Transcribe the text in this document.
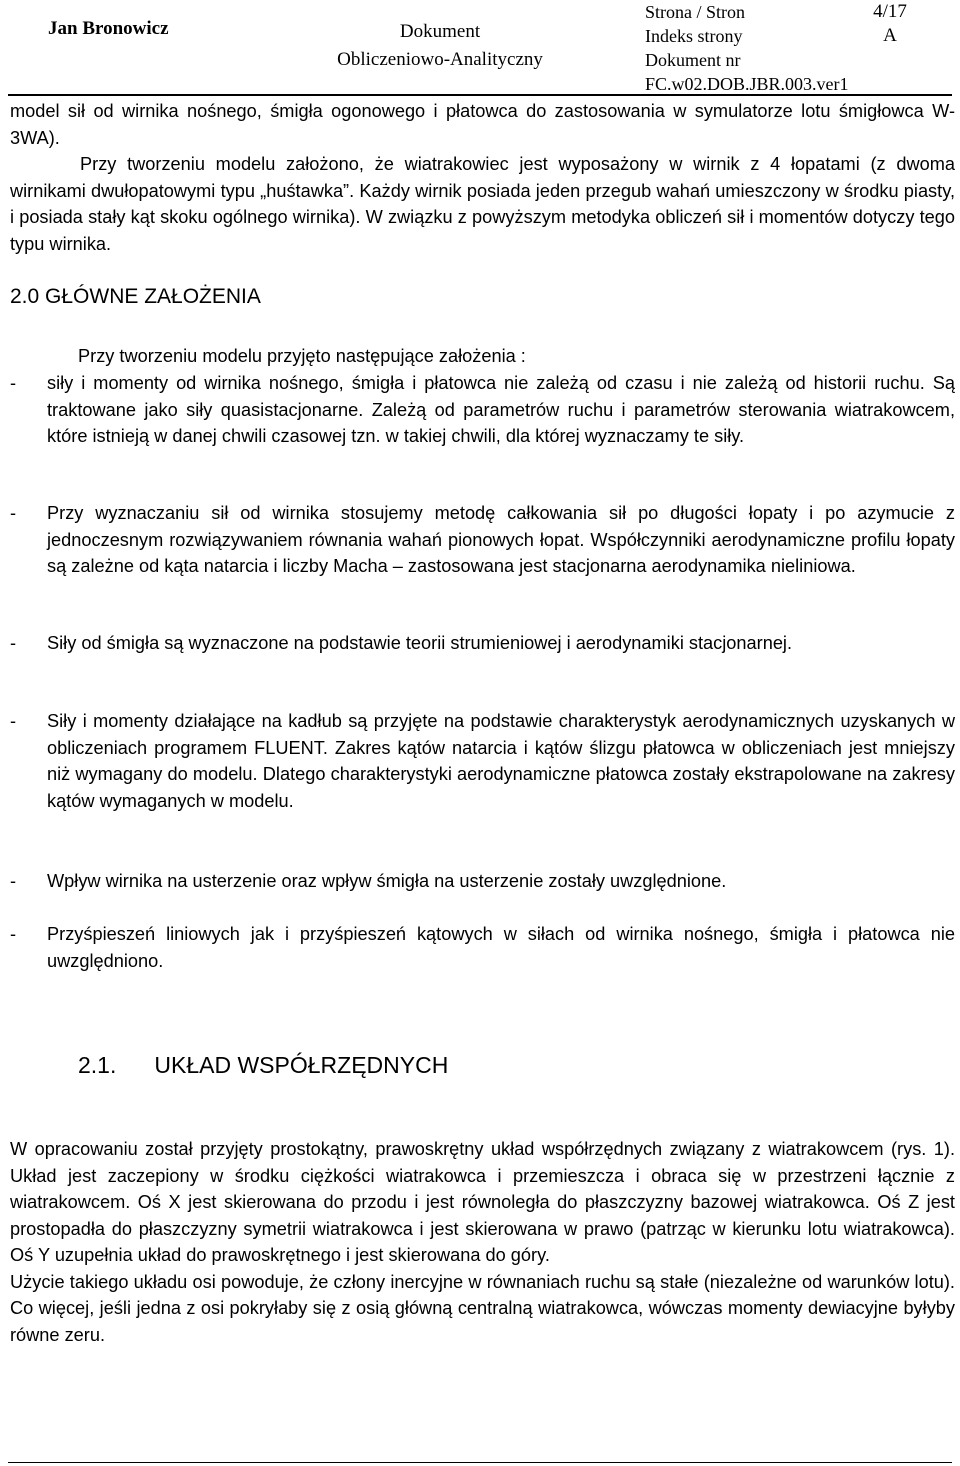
Jan Bronowicz	Dokument
Obliczeniowo-Analityczny
Strona / Stron
Indeks strony
Dokument nr
FC.w02.DOB.JBR.003.ver1
4/17
A

model sił od wirnika nośnego, śmigła ogonowego i płatowca do zastosowania w symulatorze lotu śmigłowca W-3WA).

Przy tworzeniu modelu założono, że wiatrakowiec jest wyposażony w wirnik z 4 łopatami (z dwoma wirnikami dwułopatowymi typu „huśtawka”. Każdy wirnik posiada jeden przegub wahań umieszczony w środku piasty, i posiada stały kąt skoku ogólnego wirnika). W związku z powyższym metodyka obliczeń sił i momentów dotyczy tego typu wirnika.

2.0 GŁÓWNE ZAŁOŻENIA
Przy tworzeniu modelu przyjęto następujące założenia :
-	siły i momenty od wirnika nośnego, śmigła i płatowca nie zależą od czasu i nie zależą od historii ruchu. Są traktowane jako siły quasistacjonarne. Zależą od parametrów ruchu i parametrów sterowania wiatrakowcem, które istnieją w danej chwili czasowej tzn. w takiej chwili, dla której wyznaczamy te siły.
-	Przy wyznaczaniu sił od wirnika stosujemy metodę całkowania sił po długości łopaty i po azymucie z jednoczesnym rozwiązywaniem równania wahań pionowych łopat. Współczynniki aerodynamiczne profilu łopaty są zależne od kąta natarcia i liczby Macha – zastosowana jest stacjonarna aerodynamika nieliniowa.
-	Siły od śmigła są wyznaczone na podstawie teorii strumieniowej i aerodynamiki stacjonarnej.
-	Siły i momenty działające na kadłub są przyjęte na podstawie charakterystyk aerodynamicznych uzyskanych w obliczeniach programem FLUENT. Zakres kątów natarcia i kątów ślizgu płatowca w obliczeniach jest mniejszy niż wymagany do modelu. Dlatego charakterystyki aerodynamiczne płatowca zostały ekstrapolowane na zakresy kątów wymaganych w modelu.
-	Wpływ wirnika na usterzenie oraz wpływ śmigła na usterzenie zostały uwzględnione.
-	Przyśpieszeń liniowych jak i przyśpieszeń kątowych w siłach od wirnika nośnego, śmigła i płatowca nie uwzględniono.
2.1. UKŁAD WSPÓŁRZĘDNYCH

W opracowaniu został przyjęty prostokątny, prawoskrętny układ współrzędnych związany z wiatrakowcem (rys. 1). Układ jest zaczepiony w środku ciężkości wiatrakowca i przemieszcza i obraca się w przestrzeni łącznie z wiatrakowcem. Oś X jest skierowana do przodu i jest równoległa do płaszczyzny bazowej wiatrakowca. Oś Z jest prostopadła do płaszczyzny symetrii wiatrakowca i jest skierowana w prawo (patrząc w kierunku lotu wiatrakowca). Oś Y uzupełnia układ do prawoskrętnego i jest skierowana do góry.

Użycie takiego układu osi powoduje, że człony inercyjne w równaniach ruchu są stałe (niezależne od warunków lotu). Co więcej, jeśli jedna z osi pokryłaby się z osią główną centralną wiatrakowca, wówczas momenty dewiacyjne byłyby równe zeru.
